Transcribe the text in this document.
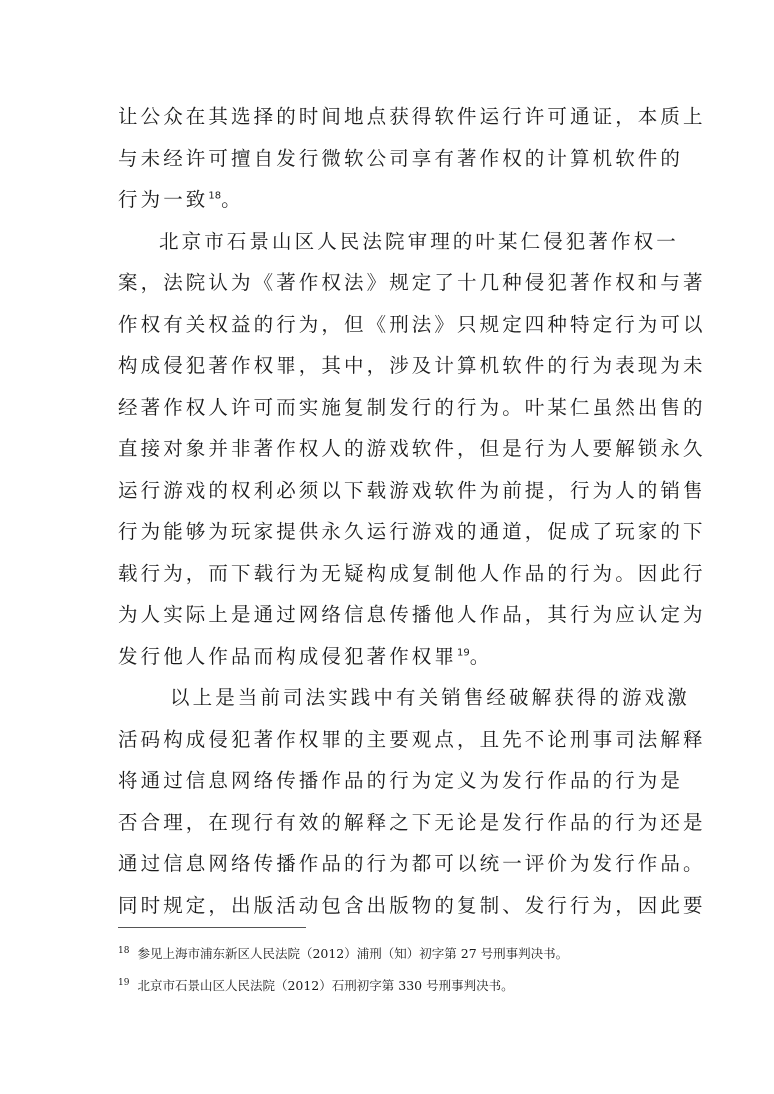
让公众在其选择的时间地点获得软件运行许可通证，本质上
与未经许可擅自发行微软公司享有著作权的计算机软件的
行为一致$^{18}$。
北京市石景山区人民法院审理的叶某仁侵犯著作权一
案，法院认为《著作权法》规定了十几种侵犯著作权和与著
作权有关权益的行为，但《刑法》只规定四种特定行为可以
构成侵犯著作权罪，其中，涉及计算机软件的行为表现为未
经著作权人许可而实施复制发行的行为。叶某仁虽然出售的
直接对象并非著作权人的游戏软件，但是行为人要解锁永久
运行游戏的权利必须以下载游戏软件为前提，行为人的销售
行为能够为玩家提供永久运行游戏的通道，促成了玩家的下
载行为，而下载行为无疑构成复制他人作品的行为。因此行
为人实际上是通过网络信息传播他人作品，其行为应认定为
发行他人作品而构成侵犯著作权罪$^{19}$。
以上是当前司法实践中有关销售经破解获得的游戏激
活码构成侵犯著作权罪的主要观点，且先不论刑事司法解释
将通过信息网络传播作品的行为定义为发行作品的行为是
否合理，在现行有效的解释之下无论是发行作品的行为还是
通过信息网络传播作品的行为都可以统一评价为发行作品。
同时规定，出版活动包含出版物的复制、发行行为，因此要
$^{18}$ 参见上海市浦东新区人民法院（2012）浦刑（知）初字第 27 号刑事判决书。
$^{19}$ 北京市石景山区人民法院（2012）石刑初字第 330 号刑事判决书。
